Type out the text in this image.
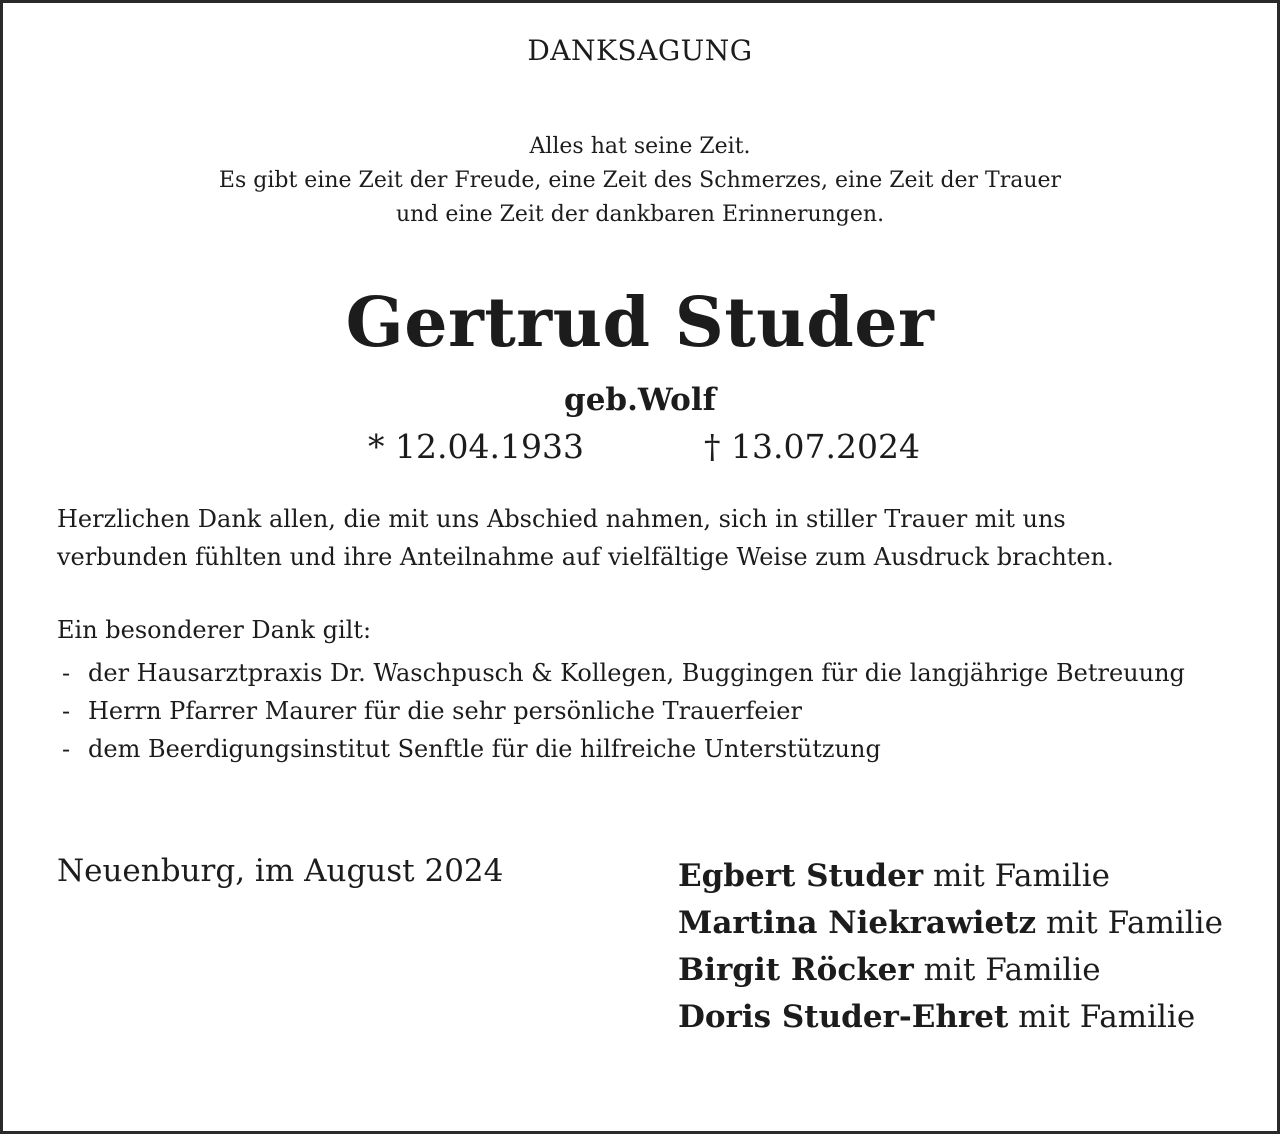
DANKSAGUNG
Alles hat seine Zeit.
Es gibt eine Zeit der Freude, eine Zeit des Schmerzes, eine Zeit der Trauer
und eine Zeit der dankbaren Erinnerungen.
Gertrud Studer
geb.Wolf
* 12.04.1933	† 13.07.2024
Herzlichen Dank allen, die mit uns Abschied nahmen, sich in stiller Trauer mit uns
verbunden fühlten und ihre Anteilnahme auf vielfältige Weise zum Ausdruck brachten.
Ein besonderer Dank gilt:
- der Hausarztpraxis Dr. Waschpusch & Kollegen, Buggingen für die langjährige Betreuung
- Herrn Pfarrer Maurer für die sehr persönliche Trauerfeier
- dem Beerdigungsinstitut Senftle für die hilfreiche Unterstützung
Neuenburg, im August 2024	Egbert Studer mit Familie
Martina Niekrawietz mit Familie
Birgit Röcker mit Familie
Doris Studer-Ehret mit Familie
